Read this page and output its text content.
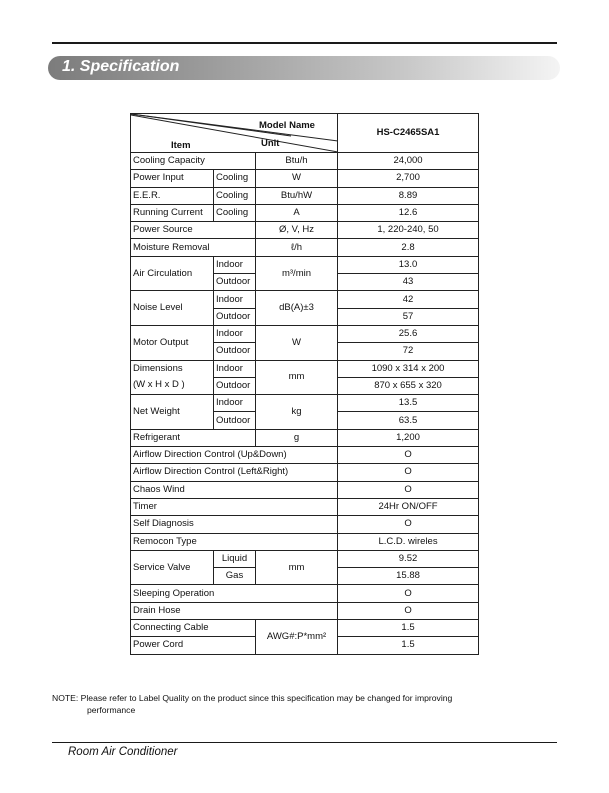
1. Specification
Model Name
Unit
Item			HS-C2465SA1
Cooling Capacity		Btu/h	24,000
Power Input	Cooling	W	2,700
E.E.R.	Cooling	Btu/hW	8.89
Running Current	Cooling	A	12.6
Power Source		Ø, V, Hz	1, 220-240, 50
Moisture Removal		ℓ/h	2.8
Air Circulation	Indoor	m³/min	13.0
	Outdoor		43
Noise Level	Indoor	dB(A)±3	42
	Outdoor		57
Motor Output	Indoor	W	25.6
	Outdoor		72
Dimensions
(W x H x D )	Indoor	mm	1090 x 314 x 200
	Outdoor		870 x 655 x 320
Net Weight	Indoor	kg	13.5
	Outdoor		63.5
Refrigerant		g	1,200
Airflow Direction Control (Up&Down)			O
Airflow Direction Control (Left&Right)			O
Chaos Wind			O
Timer			24Hr ON/OFF
Self Diagnosis			O
Remocon Type			L.C.D. wireles
Service Valve	Liquid	mm	9.52
	Gas		15.88
Sleeping Operation			O
Drain Hose			O
Connecting Cable		AWG#:P*mm²	1.5
Power Cord			1.5
NOTE: Please refer to Label Quality on the product since this specification may be changed for improving
performance
Room Air Conditioner
